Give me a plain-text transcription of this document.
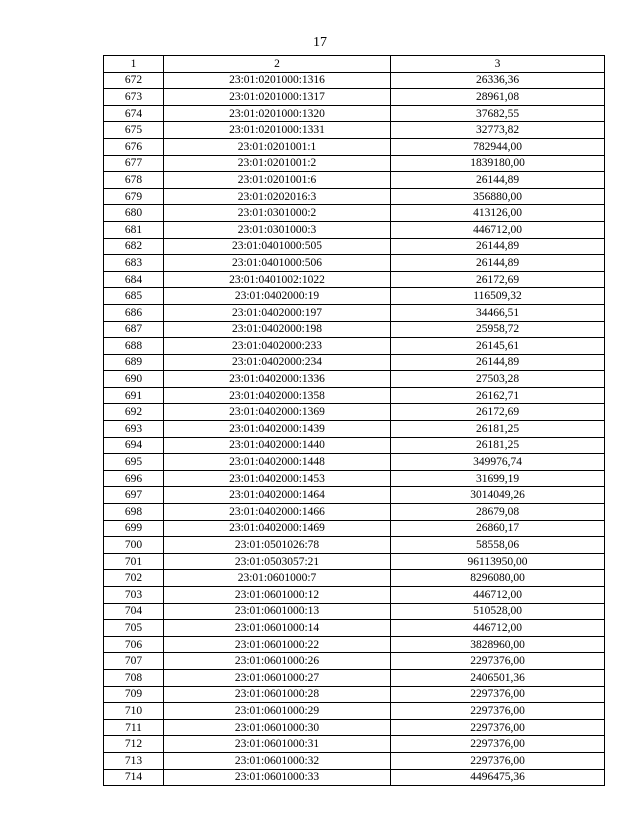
17
1	2	3
672	23:01:0201000:1316	26336,36
673	23:01:0201000:1317	28961,08
674	23:01:0201000:1320	37682,55
675	23:01:0201000:1331	32773,82
676	23:01:0201001:1	782944,00
677	23:01:0201001:2	1839180,00
678	23:01:0201001:6	26144,89
679	23:01:0202016:3	356880,00
680	23:01:0301000:2	413126,00
681	23:01:0301000:3	446712,00
682	23:01:0401000:505	26144,89
683	23:01:0401000:506	26144,89
684	23:01:0401002:1022	26172,69
685	23:01:0402000:19	116509,32
686	23:01:0402000:197	34466,51
687	23:01:0402000:198	25958,72
688	23:01:0402000:233	26145,61
689	23:01:0402000:234	26144,89
690	23:01:0402000:1336	27503,28
691	23:01:0402000:1358	26162,71
692	23:01:0402000:1369	26172,69
693	23:01:0402000:1439	26181,25
694	23:01:0402000:1440	26181,25
695	23:01:0402000:1448	349976,74
696	23:01:0402000:1453	31699,19
697	23:01:0402000:1464	3014049,26
698	23:01:0402000:1466	28679,08
699	23:01:0402000:1469	26860,17
700	23:01:0501026:78	58558,06
701	23:01:0503057:21	96113950,00
702	23:01:0601000:7	8296080,00
703	23:01:0601000:12	446712,00
704	23:01:0601000:13	510528,00
705	23:01:0601000:14	446712,00
706	23:01:0601000:22	3828960,00
707	23:01:0601000:26	2297376,00
708	23:01:0601000:27	2406501,36
709	23:01:0601000:28	2297376,00
710	23:01:0601000:29	2297376,00
711	23:01:0601000:30	2297376,00
712	23:01:0601000:31	2297376,00
713	23:01:0601000:32	2297376,00
714	23:01:0601000:33	4496475,36
